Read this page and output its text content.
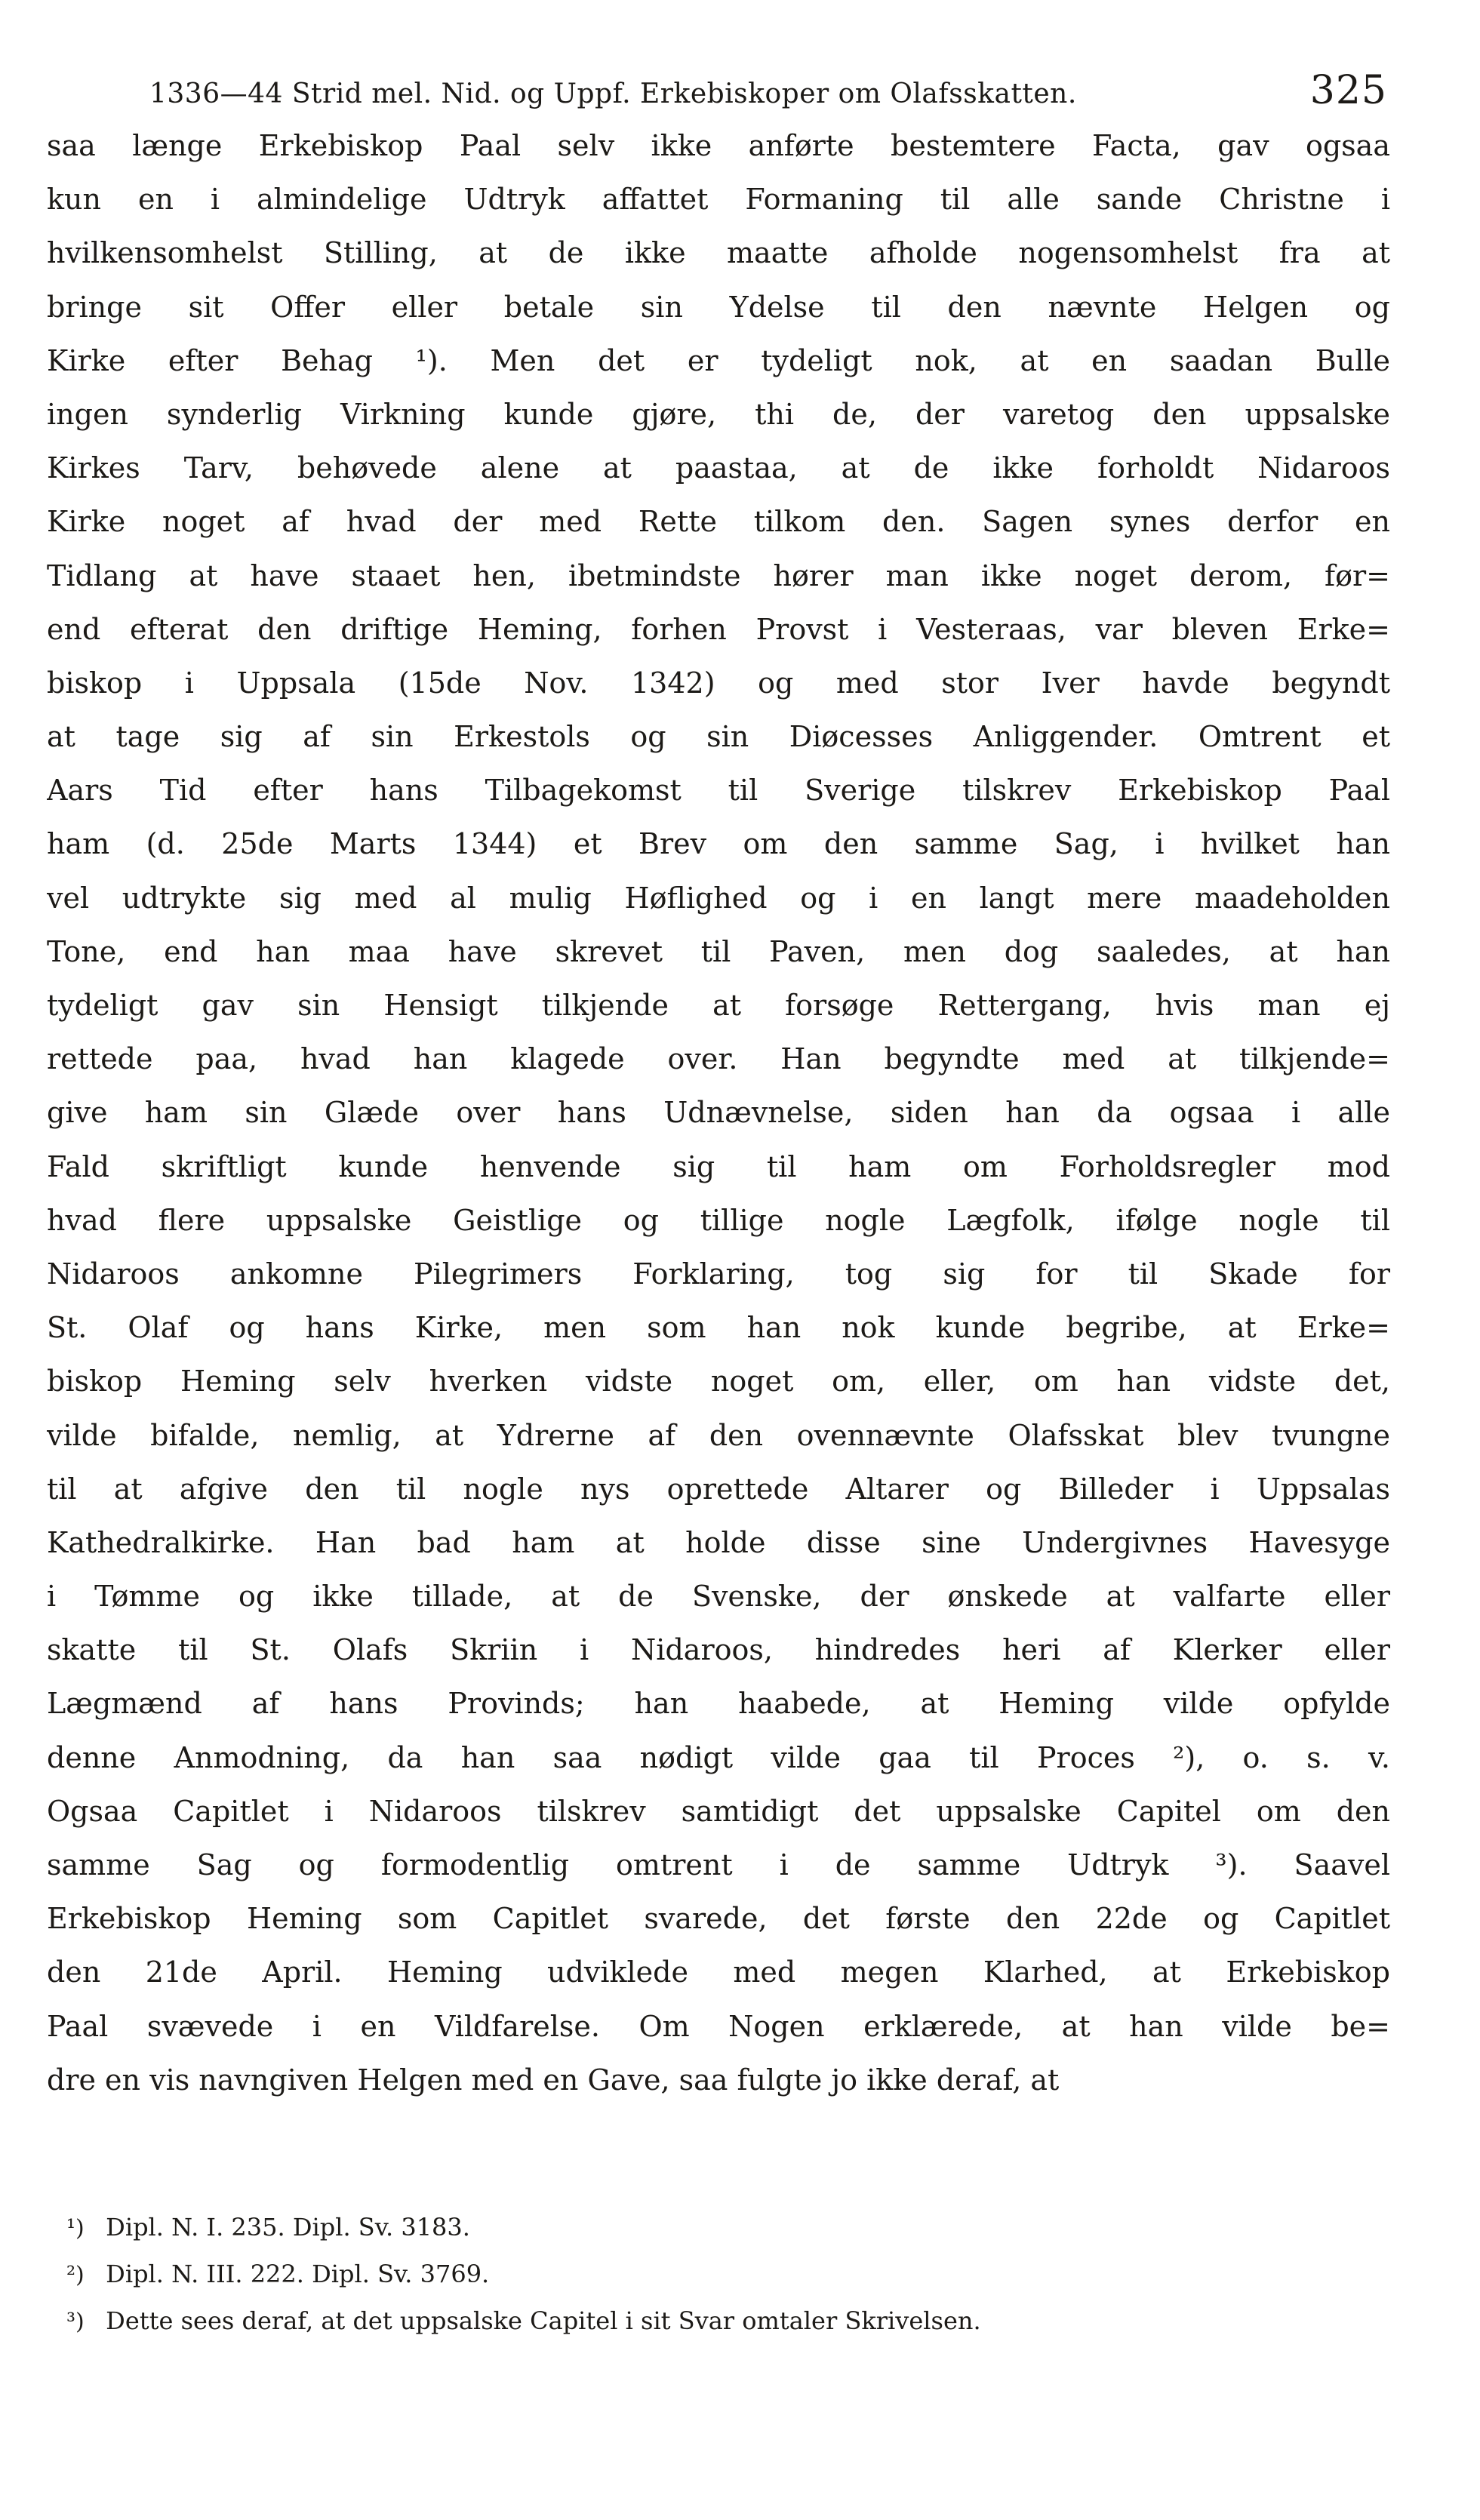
1336—44 Strid mel. Nid. og Uppf. Erkebiskoper om Olafsskatten.	325
saa længe Erkebiskop Paal selv ikke anførte bestemtere Facta, gav ogsaa
kun en i almindelige Udtryk affattet Formaning til alle sande Christne i
hvilkensomhelst Stilling, at de ikke maatte afholde nogensomhelst fra at
bringe sit Offer eller betale sin Ydelse til den nævnte Helgen og
Kirke efter Behag ¹). Men det er tydeligt nok, at en saadan Bulle
ingen synderlig Virkning kunde gjøre, thi de, der varetog den uppsalske
Kirkes Tarv, behøvede alene at paastaa, at de ikke forholdt Nidaroos
Kirke noget af hvad der med Rette tilkom den. Sagen synes derfor en
Tidlang at have staaet hen, ibetmindste hører man ikke noget derom, før=
end efterat den driftige Heming, forhen Provst i Vesteraas, var bleven Erke=
biskop i Uppsala (15de Nov. 1342) og med stor Iver havde begyndt
at tage sig af sin Erkestols og sin Diøcesses Anliggender. Omtrent et
Aars Tid efter hans Tilbagekomst til Sverige tilskrev Erkebiskop Paal
ham (d. 25de Marts 1344) et Brev om den samme Sag, i hvilket han
vel udtrykte sig med al mulig Høflighed og i en langt mere maadeholden
Tone, end han maa have skrevet til Paven, men dog saaledes, at han
tydeligt gav sin Hensigt tilkjende at forsøge Rettergang, hvis man ej
rettede paa, hvad han klagede over. Han begyndte med at tilkjende=
give ham sin Glæde over hans Udnævnelse, siden han da ogsaa i alle
Fald skriftligt kunde henvende sig til ham om Forholdsregler mod
hvad flere uppsalske Geistlige og tillige nogle Lægfolk, ifølge nogle til
Nidaroos ankomne Pilegrimers Forklaring, tog sig for til Skade for
St. Olaf og hans Kirke, men som han nok kunde begribe, at Erke=
biskop Heming selv hverken vidste noget om, eller, om han vidste det,
vilde bifalde, nemlig, at Ydrerne af den ovennævnte Olafsskat blev tvungne
til at afgive den til nogle nys oprettede Altarer og Billeder i Uppsalas
Kathedralkirke. Han bad ham at holde disse sine Undergivnes Havesyge
i Tømme og ikke tillade, at de Svenske, der ønskede at valfarte eller
skatte til St. Olafs Skriin i Nidaroos, hindredes heri af Klerker eller
Lægmænd af hans Provinds; han haabede, at Heming vilde opfylde
denne Anmodning, da han saa nødigt vilde gaa til Proces ²), o. s. v.
Ogsaa Capitlet i Nidaroos tilskrev samtidigt det uppsalske Capitel om den
samme Sag og formodentlig omtrent i de samme Udtryk ³). Saavel
Erkebiskop Heming som Capitlet svarede, det første den 22de og Capitlet
den 21de April. Heming udviklede med megen Klarhed, at Erkebiskop
Paal svævede i en Vildfarelse. Om Nogen erklærede, at han vilde be=
dre en vis navngiven Helgen med en Gave, saa fulgte jo ikke deraf, at
¹) Dipl. N. I. 235. Dipl. Sv. 3183.
²) Dipl. N. III. 222. Dipl. Sv. 3769.
³) Dette sees deraf, at det uppsalske Capitel i sit Svar omtaler Skrivelsen.
